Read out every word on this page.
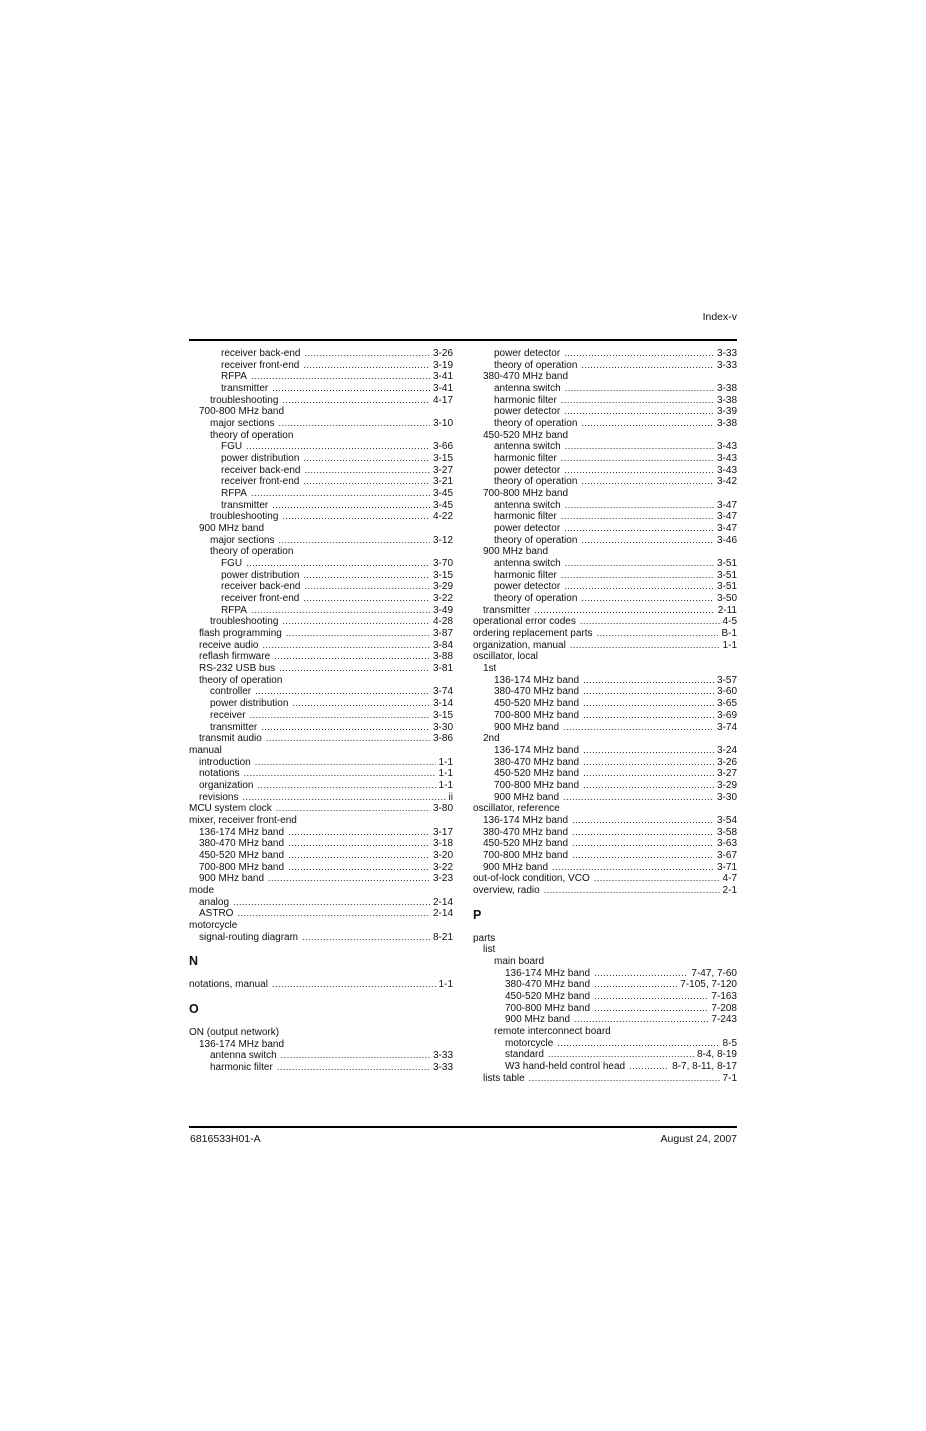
Index-v
receiver back-end .....	3-26
receiver front-end .....	3-19
RFPA .....	3-41
transmitter .....	3-41
troubleshooting .....	4-17
700-800 MHz band
major sections .....	3-10
theory of operation
FGU .....	3-66
power distribution .....	3-15
receiver back-end .....	3-27
receiver front-end .....	3-21
RFPA .....	3-45
transmitter .....	3-45
troubleshooting .....	4-22
900 MHz band
major sections .....	3-12
theory of operation
FGU .....	3-70
power distribution .....	3-15
receiver back-end .....	3-29
receiver front-end .....	3-22
RFPA .....	3-49
troubleshooting .....	4-28
flash programming .....	3-87
receive audio .....	3-84
reflash firmware .....	3-88
RS-232 USB bus .....	3-81
theory of operation
controller .....	3-74
power distribution .....	3-14
receiver .....	3-15
transmitter .....	3-30
transmit audio .....	3-86
manual
introduction .....	1-1
notations .....	1-1
organization .....	1-1
revisions .....	ii
MCU system clock .....	3-80
mixer, receiver front-end
136-174 MHz band .....	3-17
380-470 MHz band .....	3-18
450-520 MHz band .....	3-20
700-800 MHz band .....	3-22
900 MHz band .....	3-23
mode
analog .....	2-14
ASTRO .....	2-14
motorcycle
signal-routing diagram .....	8-21
N
notations, manual .....	1-1
O
ON (output network)
136-174 MHz band
antenna switch .....	3-33
harmonic filter .....	3-33
power detector .....	3-33
theory of operation .....	3-33
380-470 MHz band
antenna switch .....	3-38
harmonic filter .....	3-38
power detector .....	3-39
theory of operation .....	3-38
450-520 MHz band
antenna switch .....	3-43
harmonic filter .....	3-43
power detector .....	3-43
theory of operation .....	3-42
700-800 MHz band
antenna switch .....	3-47
harmonic filter .....	3-47
power detector .....	3-47
theory of operation .....	3-46
900 MHz band
antenna switch .....	3-51
harmonic filter .....	3-51
power detector .....	3-51
theory of operation .....	3-50
transmitter .....	2-11
operational error codes .....	4-5
ordering replacement parts .....	B-1
organization, manual .....	1-1
oscillator, local
1st
136-174 MHz band .....	3-57
380-470 MHz band .....	3-60
450-520 MHz band .....	3-65
700-800 MHz band .....	3-69
900 MHz band .....	3-74
2nd
136-174 MHz band .....	3-24
380-470 MHz band .....	3-26
450-520 MHz band .....	3-27
700-800 MHz band .....	3-29
900 MHz band .....	3-30
oscillator, reference
136-174 MHz band .....	3-54
380-470 MHz band .....	3-58
450-520 MHz band .....	3-63
700-800 MHz band .....	3-67
900 MHz band .....	3-71
out-of-lock condition, VCO .....	4-7
overview, radio .....	2-1
P
parts
list
main board
136-174 MHz band .....	7-47, 7-60
380-470 MHz band .....	7-105, 7-120
450-520 MHz band .....	7-163
700-800 MHz band .....	7-208
900 MHz band .....	7-243
remote interconnect board
motorcycle .....	8-5
standard .....	8-4, 8-19
W3 hand-held control head .....	8-7, 8-11, 8-17
lists table .....	7-1
6816533H01-A	August 24, 2007
